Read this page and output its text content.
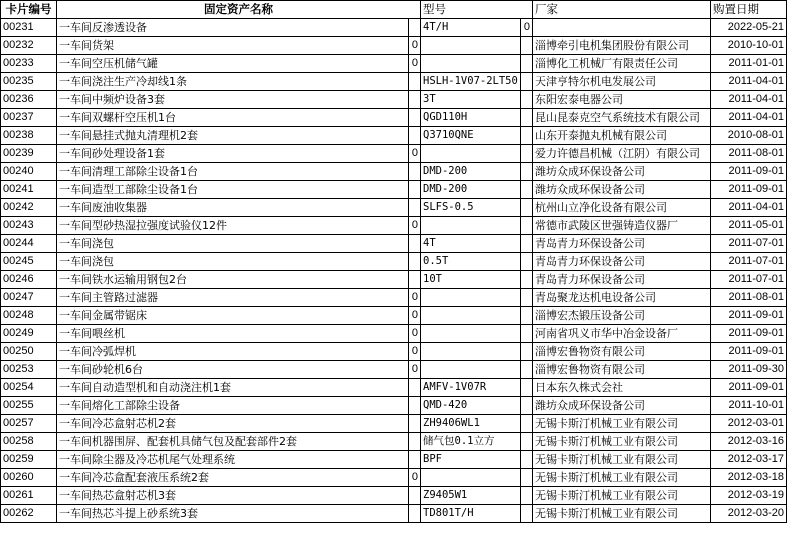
卡片编号	固定资产名称		型号		厂家	购置日期
00231	一车间反渗透设备		4T/H	0		2022-05-21
00232	一车间货架	0			淄博牵引电机集团股份有限公司	2010-10-01
00233	一车间空压机储气罐	0			淄博化工机械厂有限责任公司	2011-01-01
00235	一车间浇注生产冷却线1条		HSLH-1V07-2LT50		天津亨特尔机电发展公司	2011-04-01
00236	一车间中频炉设备3套		3T		东阳宏泰电器公司	2011-04-01
00237	一车间双螺杆空压机1台		QGD110H		昆山昆泰克空气系统技术有限公司	2011-04-01
00238	一车间悬挂式抛丸清理机2套		Q3710QNE		山东开泰抛丸机械有限公司	2010-08-01
00239	一车间砂处理设备1套	0			爱力许德昌机械（江阴）有限公司	2011-08-01
00240	一车间清理工部除尘设备1台		DMD-200		潍坊众成环保设备公司	2011-09-01
00241	一车间造型工部除尘设备1台		DMD-200		潍坊众成环保设备公司	2011-09-01
00242	一车间废油收集器		SLFS-0.5		杭州山立净化设备有限公司	2011-04-01
00243	一车间型砂热湿拉强度试验仪12件	0			常德市武陵区世强铸造仪器厂	2011-05-01
00244	一车间浇包		4T		青岛青力环保设备公司	2011-07-01
00245	一车间浇包		0.5T		青岛青力环保设备公司	2011-07-01
00246	一车间铁水运输用钢包2台		10T		青岛青力环保设备公司	2011-07-01
00247	一车间主管路过滤器	0			青岛聚龙达机电设备公司	2011-08-01
00248	一车间金属带锯床	0			淄博宏杰锻压设备公司	2011-09-01
00249	一车间喂丝机	0			河南省巩义市华中冶金设备厂	2011-09-01
00250	一车间冷弧焊机	0			淄博宏鲁物资有限公司	2011-09-01
00253	一车间砂轮机6台	0			淄博宏鲁物资有限公司	2011-09-30
00254	一车间自动造型机和自动浇注机1套		AMFV-1V07R		日本东久株式会社	2011-09-01
00255	一车间熔化工部除尘设备		QMD-420		潍坊众成环保设备公司	2011-10-01
00257	一车间冷芯盒射芯机2套		ZH9406WL1		无锡卡斯汀机械工业有限公司	2012-03-01
00258	一车间机器围屏、配套机具储气包及配套部件2套		储气包0.1立方		无锡卡斯汀机械工业有限公司	2012-03-16
00259	一车间除尘器及冷芯机尾气处理系统		BPF		无锡卡斯汀机械工业有限公司	2012-03-17
00260	一车间冷芯盒配套液压系统2套	0			无锡卡斯汀机械工业有限公司	2012-03-18
00261	一车间热芯盒射芯机3套		Z9405W1		无锡卡斯汀机械工业有限公司	2012-03-19
00262	一车间热芯斗提上砂系统3套		TD801T/H		无锡卡斯汀机械工业有限公司	2012-03-20
